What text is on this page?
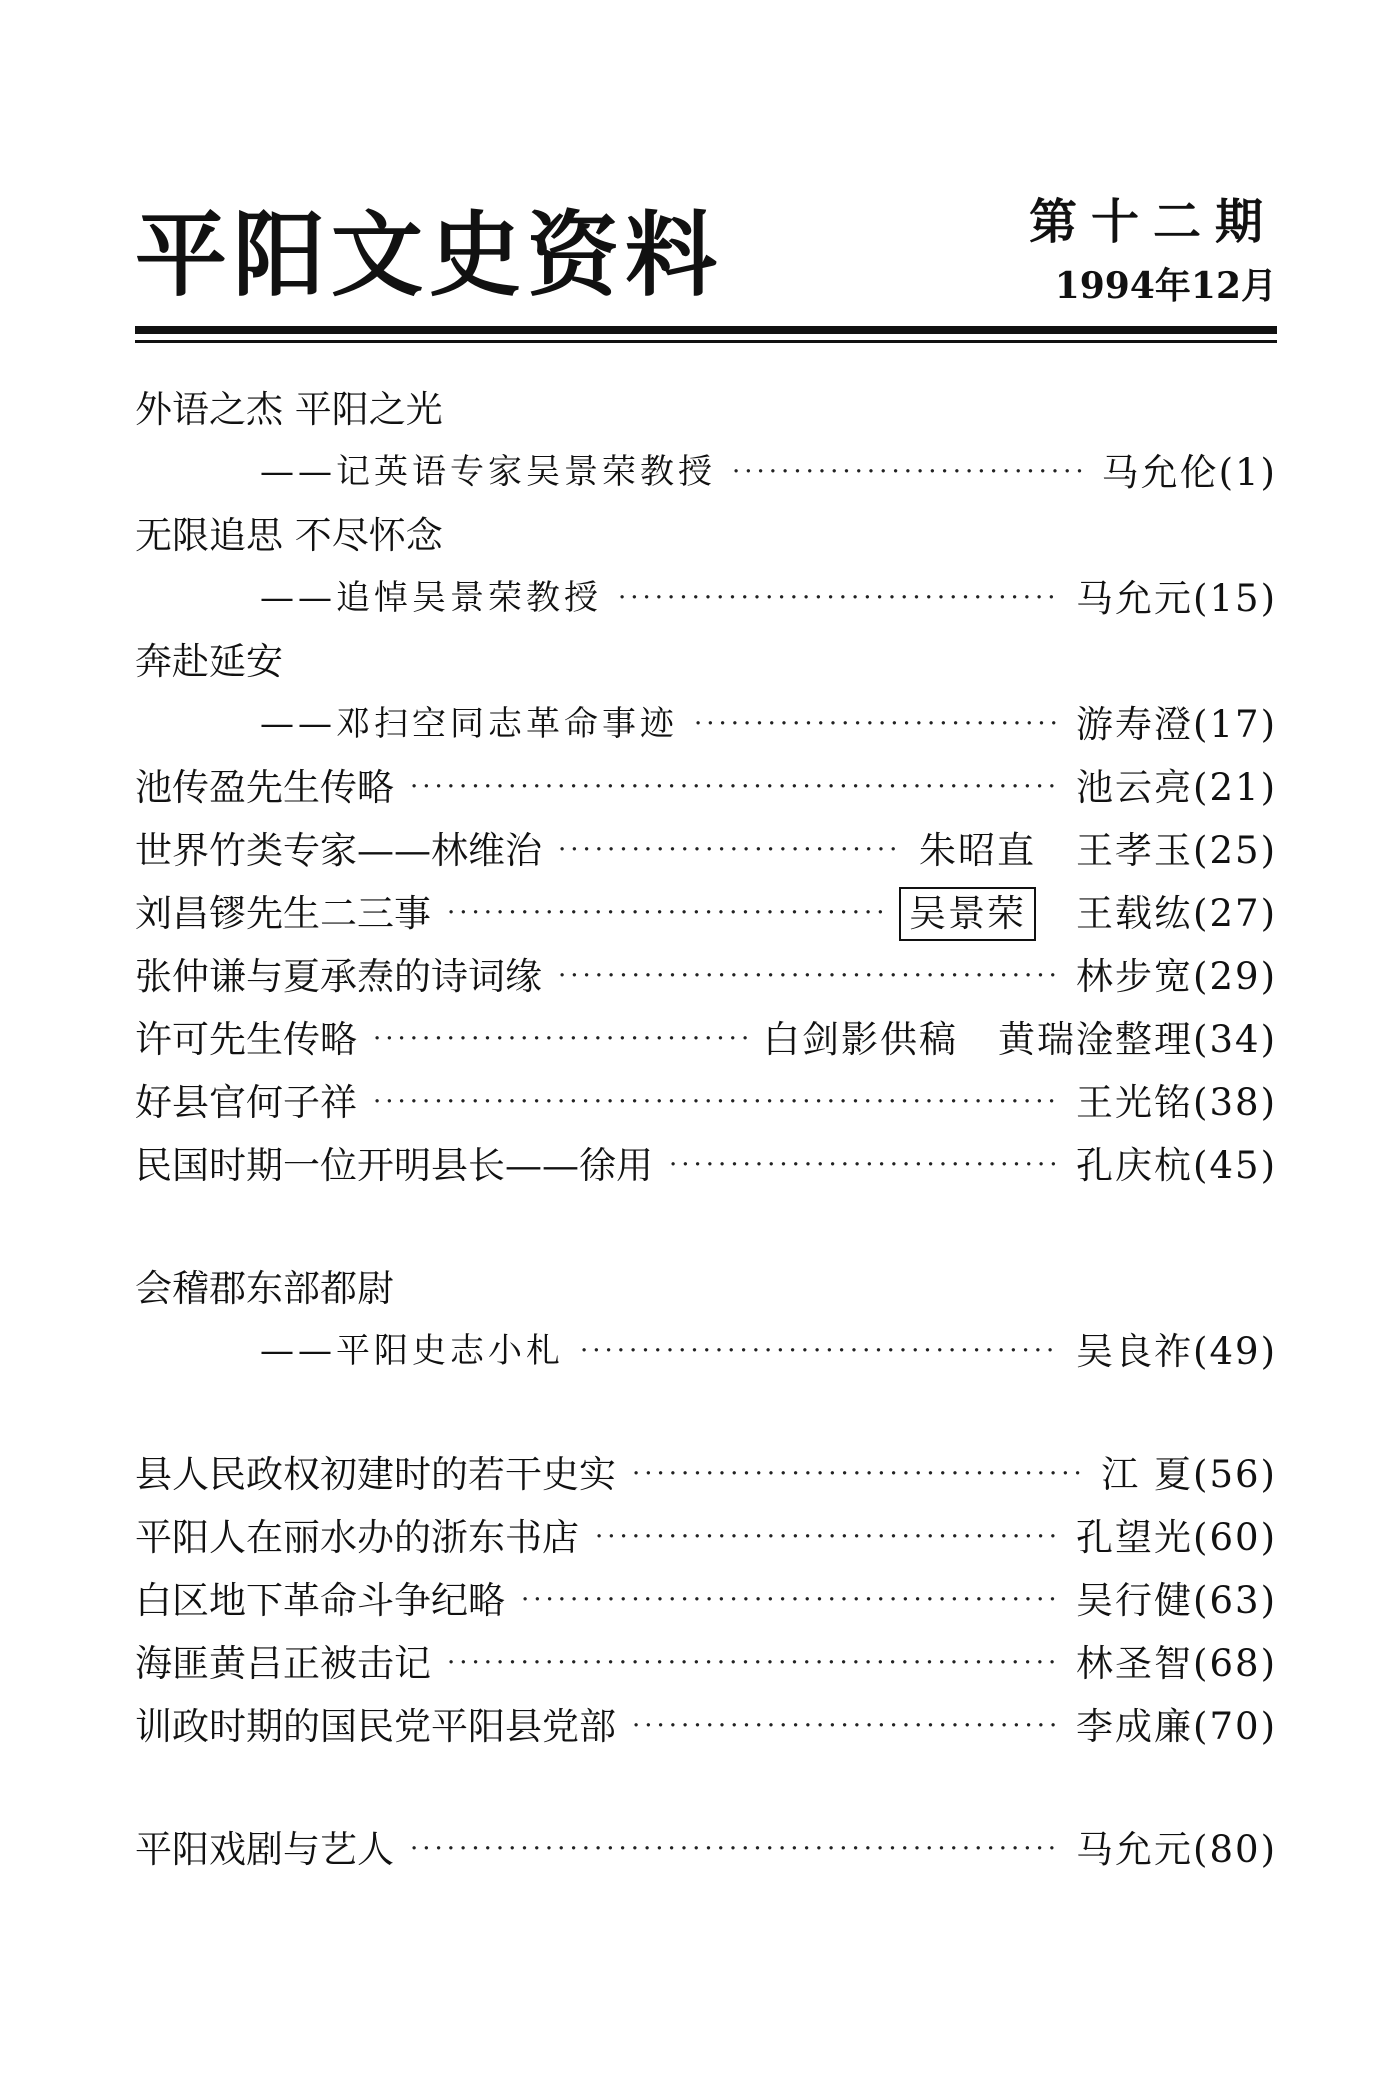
平阳文史资料	第十二期
1994年12月
外语之杰 平阳之光
——记英语专家吴景荣教授 ·····	马允伦(1)
无限追思 不尽怀念
——追悼吴景荣教授 ·····	马允元(15)
奔赴延安
——邓扫空同志革命事迹 ·····	游寿澄(17)
池传盈先生传略 ·····	池云亮(21)
世界竹类专家——林维治 ·····	朱昭直 王孝玉(25)
刘昌镠先生二三事 ·····	吴景荣 王载纮(27)
张仲谦与夏承焘的诗词缘 ·····	林步宽(29)
许可先生传略 ·····	白剑影供稿 黄瑞淦整理(34)
好县官何子祥 ·····	王光铭(38)
民国时期一位开明县长——徐用 ·····	孔庆杭(45)
会稽郡东部都尉
——平阳史志小札 ·····	吴良祚(49)
县人民政权初建时的若干史实 ·····	江 夏(56)
平阳人在丽水办的浙东书店 ·····	孔望光(60)
白区地下革命斗争纪略 ·····	吴行健(63)
海匪黄吕正被击记 ·····	林圣智(68)
训政时期的国民党平阳县党部 ·····	李成廉(70)
平阳戏剧与艺人 ·····	马允元(80)
